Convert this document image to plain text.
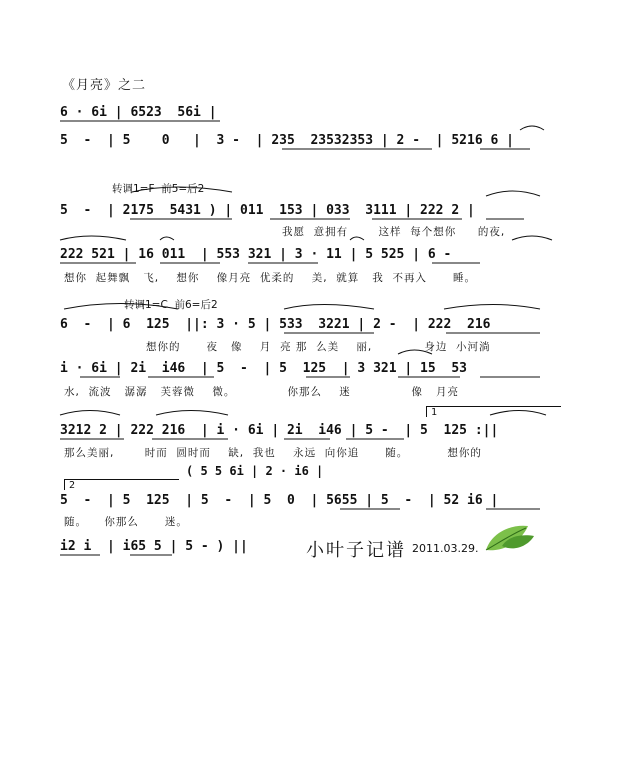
《月亮》之二
6 · 6i | 6523  56i |
5  -  | 5    0   |  3 -  | 235  23532353 | 2 -  | 5216 6 |
转调1=F  前5=后2
5  -  | 2175  5431 ) | 011  153 | 033  3111 | 222 2 |
我愿  意拥有       这样  每个想你     的夜,
222 521 | 16 011  | 553 321 | 3 · 11 | 5 525 | 6 -
想你  起舞飘   飞,    想你    像月亮  优柔的    美,  就算   我  不再入      睡。
转调1=C  前6=后2
6  -  | 6  125  ||: 3 · 5 | 533  3221 | 2 -  | 222  216
想你的      夜   像    月  亮 那  么美    丽,            身边  小河淌
i · 6i | 2i  i46  | 5  -  | 5  125  | 3 321 | 15  53
水,  流波   潺潺   芙蓉微    微。            你那么    迷              像   月亮
1
3212 2 | 222 216  | i · 6i | 2i  i46 | 5 -  | 5  125 :||
那么美丽,       时而  圆时而    缺,  我也    永远  向你追      随。         想你的
( 5 5 6i | 2 · i6 |
2
5  -  | 5  125  | 5  -  | 5  0  | 5655 | 5  -  | 52 i6 |
随。    你那么      迷。
i2 i  | i65 5 | 5 - ) ||	小叶子记谱 2011.03.29.
